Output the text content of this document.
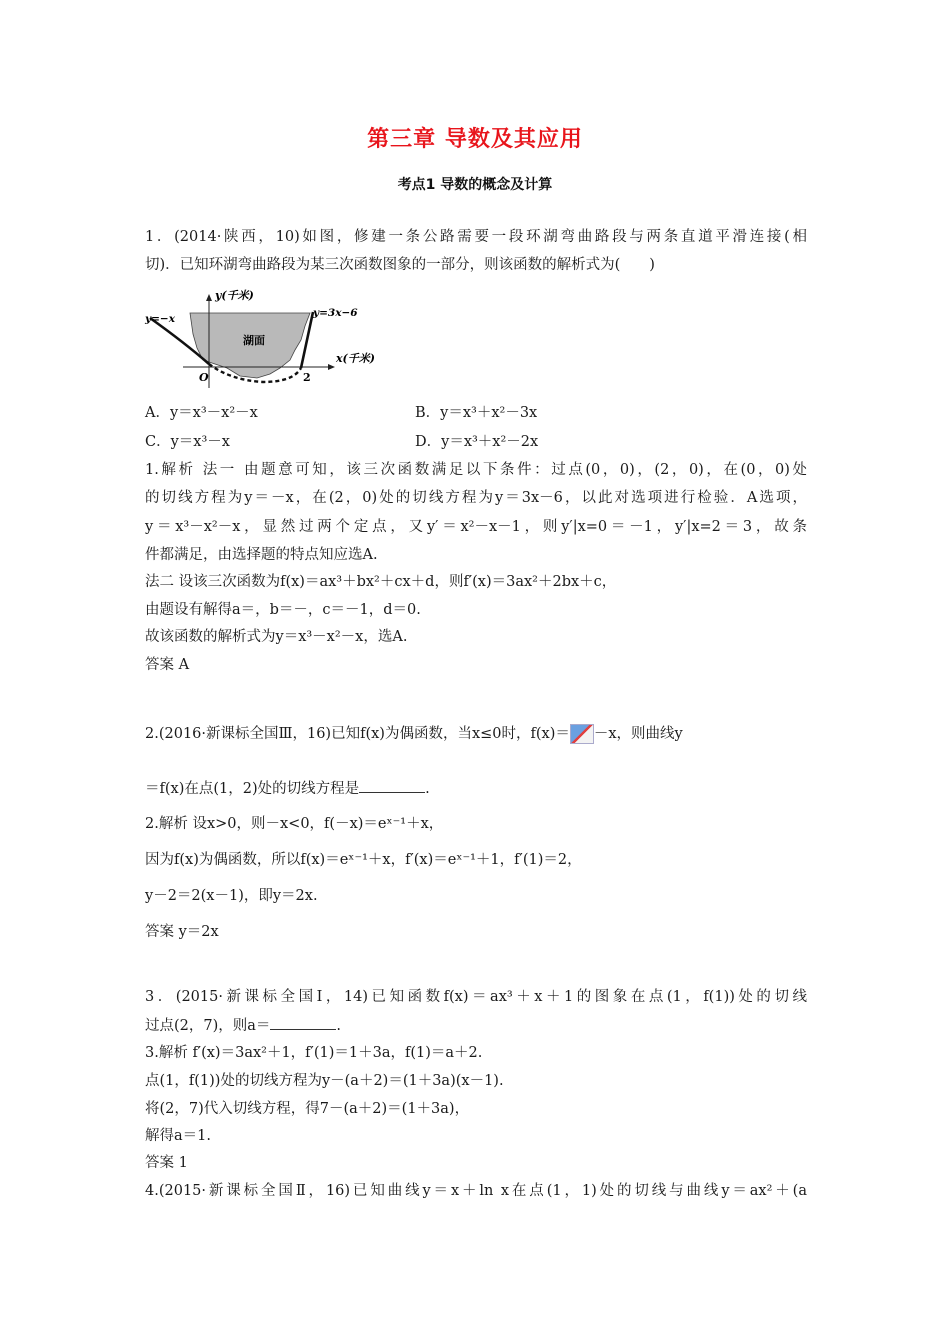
第三章 导数及其应用
考点1 导数的概念及计算
1．(2014·陕西，10)如图，修建一条公路需要一段环湖弯曲路段与两条直道平滑连接(相
切)．已知环湖弯曲路段为某三次函数图象的一部分，则该函数的解析式为(　　)
y(千米)
x(千米)
湖面
y=−x	y=3x−6
O	2
A．y＝x³－x²－x	B．y＝x³＋x²－3x
C．y＝x³－x	D．y＝x³＋x²－2x
1.解析 法一 由题意可知，该三次函数满足以下条件：过点(0，0)，(2，0)，在(0，0)处
的切线方程为y＝－x，在(2，0)处的切线方程为y＝3x－6，以此对选项进行检验．A选项，
y＝x³－x²－x，显然过两个定点，又y′＝x²－x－1，则y′|x=0＝－1，y′|x=2＝3，故条
件都满足，由选择题的特点知应选A.
法二 设该三次函数为f(x)＝ax³＋bx²＋cx＋d，则f′(x)＝3ax²＋2bx＋c，
由题设有解得a＝，b＝－，c＝－1，d＝0.
故该函数的解析式为y＝x³－x²－x，选A.
答案 A
2.(2016·新课标全国Ⅲ，16)已知f(x)为偶函数，当x≤0时，f(x)＝ －x，则曲线y
＝f(x)在点(1，2)处的切线方程是	.
2.解析 设x>0，则－x<0，f(－x)＝eˣ⁻¹＋x，
因为f(x)为偶函数，所以f(x)＝eˣ⁻¹＋x，f′(x)＝eˣ⁻¹＋1，f′(1)＝2，
y－2＝2(x－1)，即y＝2x.
答案 y＝2x
3．(2015·新课标全国Ⅰ，14)已知函数f(x)＝ax³＋x＋1的图象在点(1，f(1))处的切线
过点(2，7)，则a＝	.
3.解析 f′(x)＝3ax²＋1，f′(1)＝1＋3a，f(1)＝a＋2.
点(1，f(1))处的切线方程为y－(a＋2)＝(1＋3a)(x－1).
将(2，7)代入切线方程，得7－(a＋2)＝(1＋3a)，
解得a＝1.
答案 1
4.(2015·新课标全国Ⅱ，16)已知曲线y＝x＋ln x在点(1，1)处的切线与曲线y＝ax²＋(a
